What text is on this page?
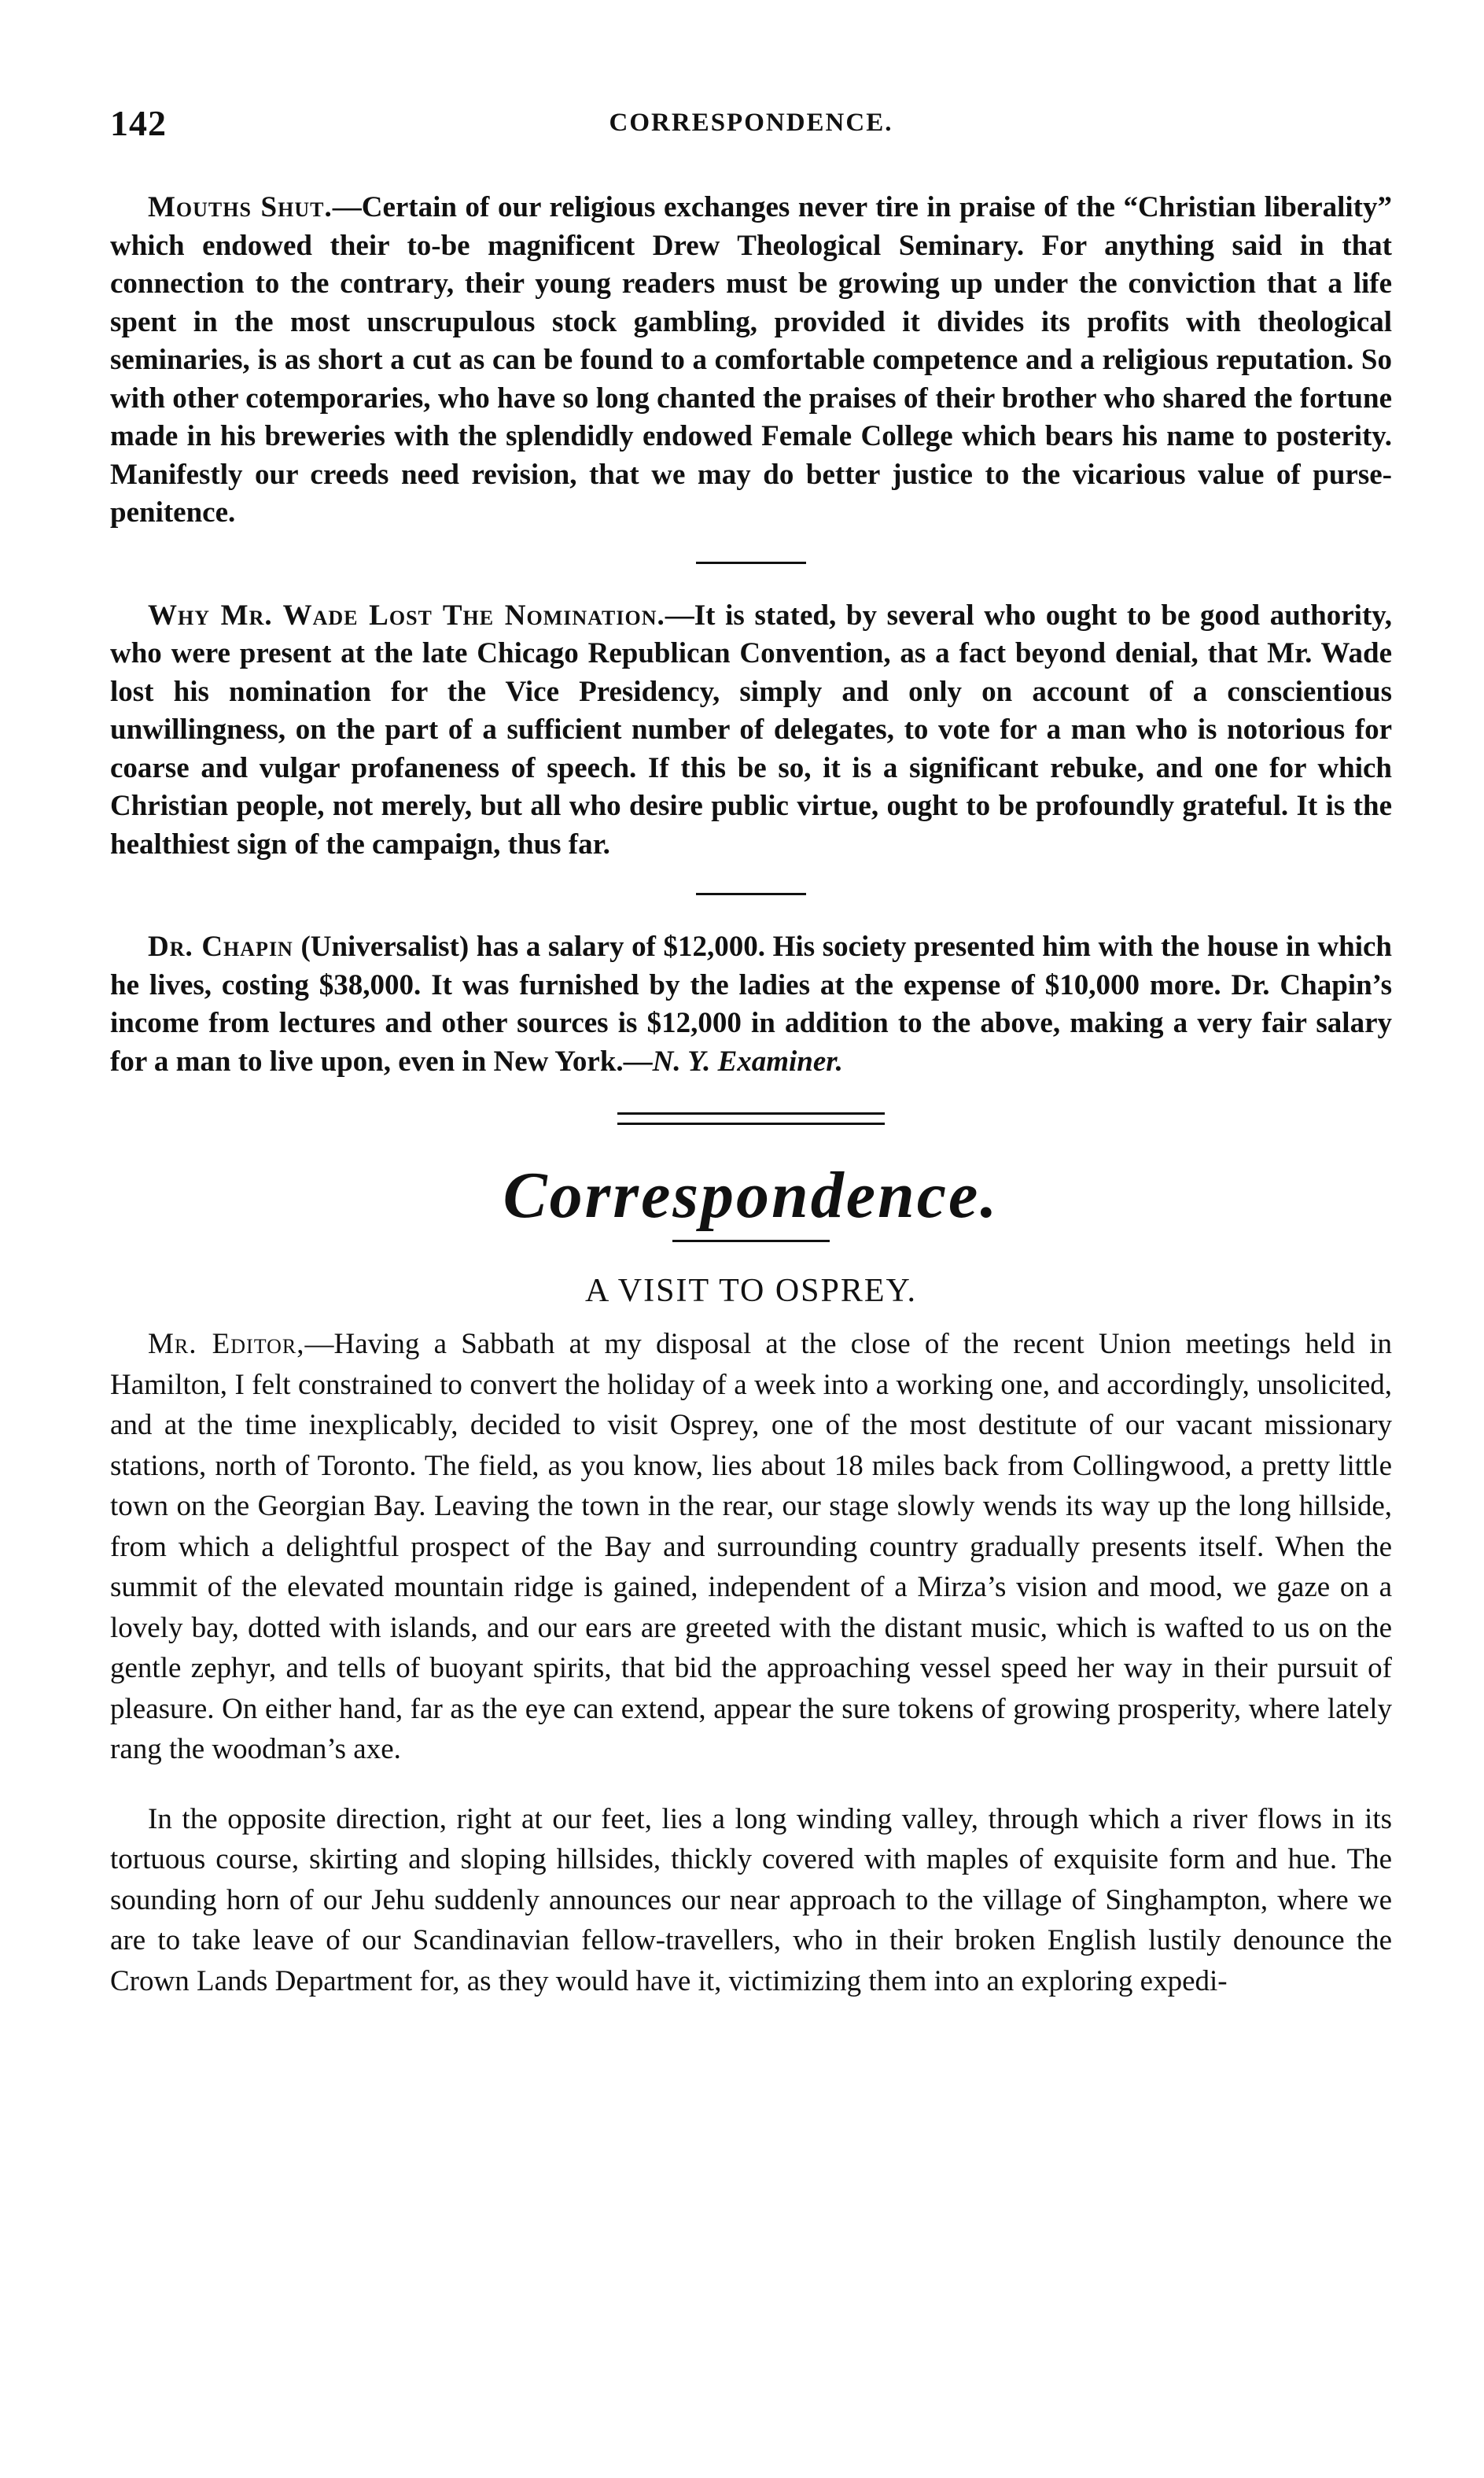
142	CORRESPONDENCE.

Mouths Shut.—Certain of our religious exchanges never tire in praise of the “Christian liberality” which endowed their to-be magnificent Drew Theological Seminary. For anything said in that connection to the contrary, their young readers must be growing up under the conviction that a life spent in the most unscrupulous stock gambling, provided it divides its profits with theological seminaries, is as short a cut as can be found to a comfortable competence and a religious reputation. So with other cotemporaries, who have so long chanted the praises of their brother who shared the fortune made in his breweries with the splendidly endowed Female College which bears his name to posterity. Manifestly our creeds need revision, that we may do better justice to the vicarious value of purse-penitence.

Why Mr. Wade Lost The Nomination.—It is stated, by several who ought to be good authority, who were present at the late Chicago Republican Convention, as a fact beyond denial, that Mr. Wade lost his nomination for the Vice Presidency, simply and only on account of a conscientious unwillingness, on the part of a sufficient number of delegates, to vote for a man who is notorious for coarse and vulgar profaneness of speech. If this be so, it is a significant rebuke, and one for which Christian people, not merely, but all who desire public virtue, ought to be profoundly grateful. It is the healthiest sign of the campaign, thus far.

Dr. Chapin (Universalist) has a salary of $12,000. His society presented him with the house in which he lives, costing $38,000. It was furnished by the ladies at the expense of $10,000 more. Dr. Chapin’s income from lectures and other sources is $12,000 in addition to the above, making a very fair salary for a man to live upon, even in New York.—N. Y. Examiner.

Correspondence.
A VISIT TO OSPREY.

Mr. Editor,—Having a Sabbath at my disposal at the close of the recent Union meetings held in Hamilton, I felt constrained to convert the holiday of a week into a working one, and accordingly, unsolicited, and at the time inexplicably, decided to visit Osprey, one of the most destitute of our vacant missionary stations, north of Toronto. The field, as you know, lies about 18 miles back from Collingwood, a pretty little town on the Georgian Bay. Leaving the town in the rear, our stage slowly wends its way up the long hillside, from which a delightful prospect of the Bay and surrounding country gradually presents itself. When the summit of the elevated mountain ridge is gained, independent of a Mirza’s vision and mood, we gaze on a lovely bay, dotted with islands, and our ears are greeted with the distant music, which is wafted to us on the gentle zephyr, and tells of buoyant spirits, that bid the approaching vessel speed her way in their pursuit of pleasure. On either hand, far as the eye can extend, appear the sure tokens of growing prosperity, where lately rang the woodman’s axe.

In the opposite direction, right at our feet, lies a long winding valley, through which a river flows in its tortuous course, skirting and sloping hillsides, thickly covered with maples of exquisite form and hue. The sounding horn of our Jehu suddenly announces our near approach to the village of Singhampton, where we are to take leave of our Scandinavian fellow-travellers, who in their broken English lustily denounce the Crown Lands Department for, as they would have it, victimizing them into an exploring expedi-
